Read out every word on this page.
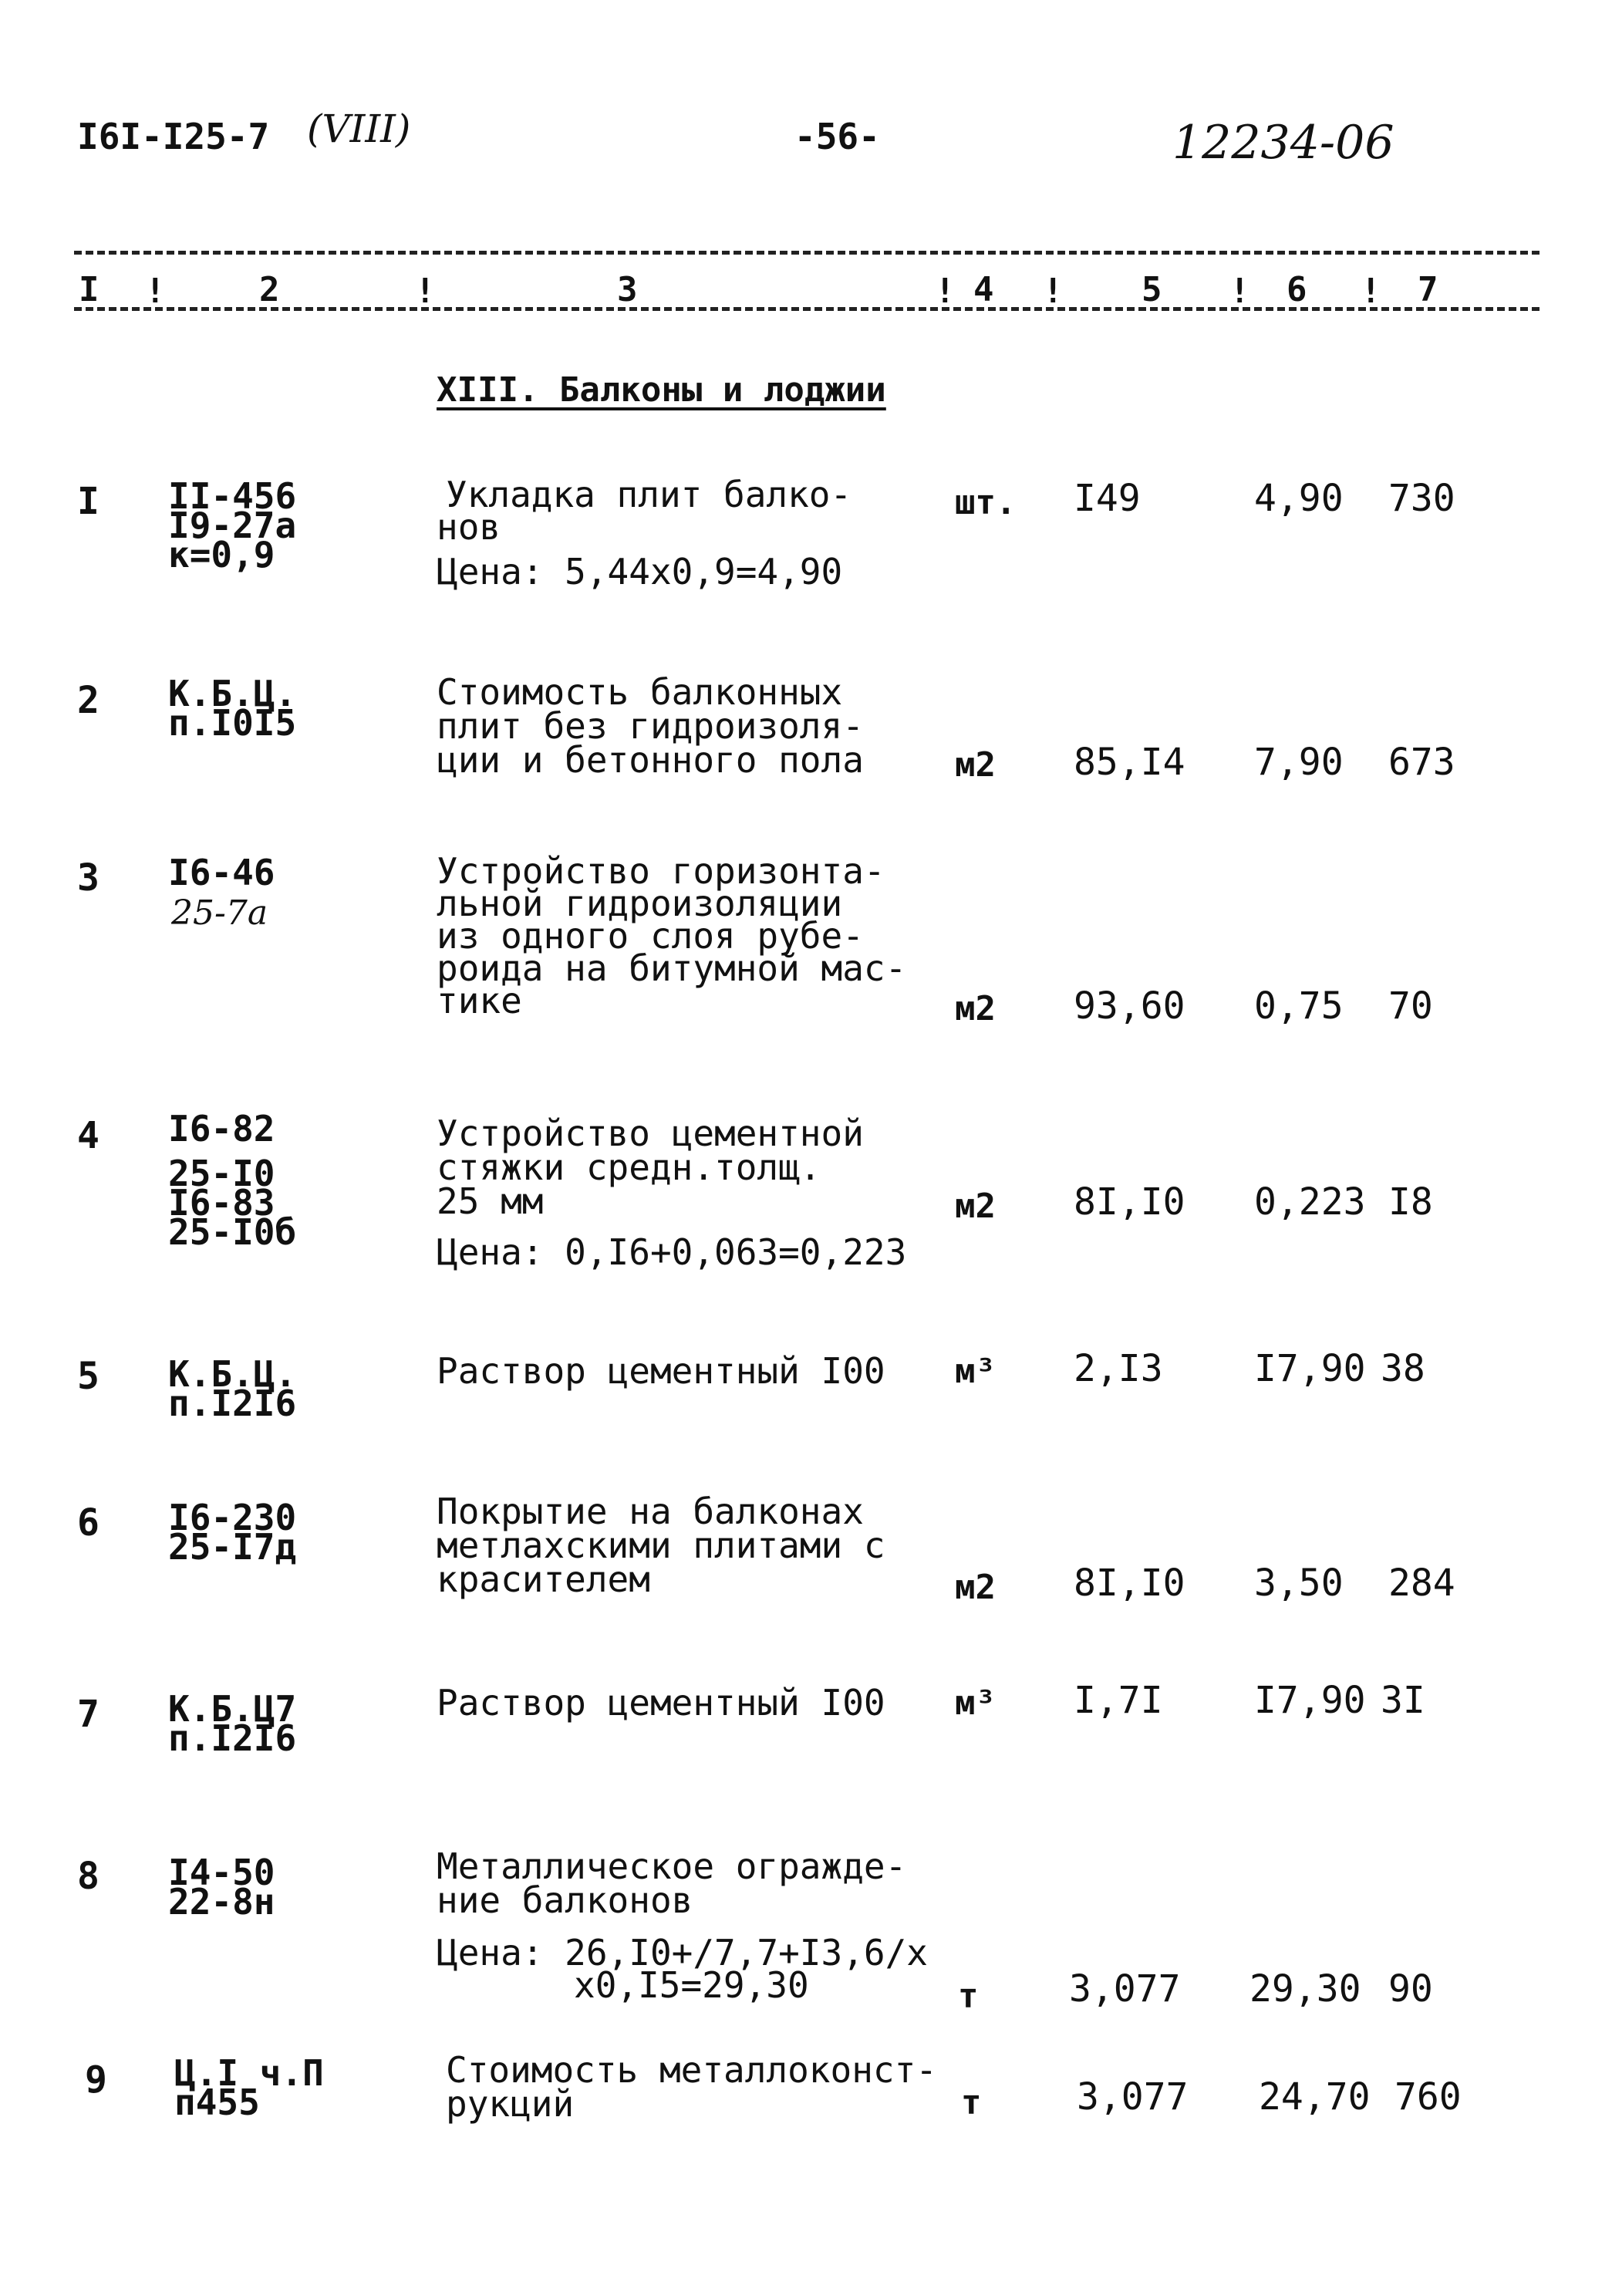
I6I-I25-7 (VIII)	-56-	12234-06
I !	2	!	3	! 4 ! 5 ! 6 ! 7
XIII. Балконы и лоджии
I II-456
I9-27а
к=0,9
Укладка плит балко-
нов
Цена: 5,44х0,9=4,90
шт. I49	4,90 730
2 К.Б.Ц.
п.I0I5
Стоимость балконных
плит без гидроизоля-
ции и бетонного пола	м2 85,I4 7,90 673
3 I6-46
25-7а
Устройство горизонта-
льной гидроизоляции
из одного слоя рубе-
роида на битумной мас-
тике	м2 93,60 0,75 70
4 I6-82
25-I0
I6-83
25-I0б
Устройство цементной
стяжки средн.толщ.
25 мм
Цена: 0,I6+0,063=0,223
м2 8I,I0 0,223 I8
5 К.Б.Ц.
п.I2I6
Раствор цементный I00 м³ 2,I3 I7,90 38
6 I6-230
25-I7д
Покрытие на балконах
метлахскими плитами с
красителем	м2 8I,I0 3,50 284
7 К.Б.Ц7
п.I2I6
Раствор цементный I00 м³ I,7I I7,90 3I
8 I4-50
22-8н
Металлическое огражде-
ние балконов
Цена: 26,I0+/7,7+I3,6/х
х0,I5=29,30	т 3,077 29,30 90
9 Ц.I ч.П
п455
Стоимость металлоконст-
рукций	т	3,077 24,70 760
